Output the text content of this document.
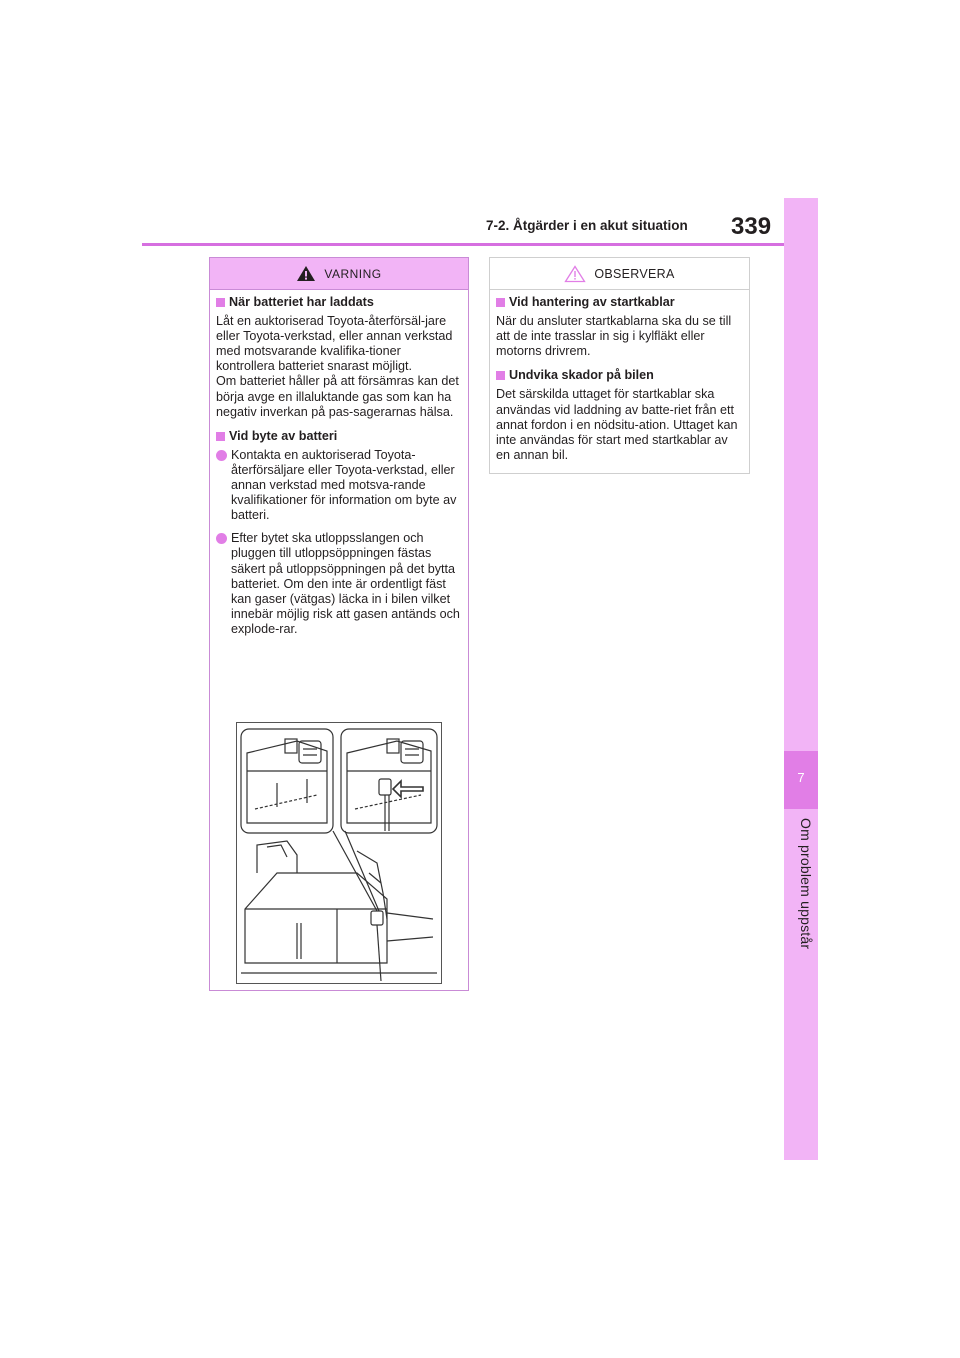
7
Om problem uppstår
7-2. Åtgärder i en akut situation 339
VARNING
När batteriet har laddats
Låt en auktoriserad Toyota-återförsäl-jare eller Toyota-verkstad, eller annan verkstad med motsvarande kvalifika-tioner kontrollera batteriet snarast möjligt.
Om batteriet håller på att försämras kan det börja avge en illaluktande gas som kan ha negativ inverkan på pas-sagerarnas hälsa.
Vid byte av batteri
Kontakta en auktoriserad Toyota-återförsäljare eller Toyota-verkstad, eller annan verkstad med motsva-rande kvalifikationer för information om byte av batteri.
Efter bytet ska utloppsslangen och pluggen till utloppsöppningen fästas säkert på utloppsöppningen på det bytta batteriet. Om den inte är ordentligt fäst kan gaser (vätgas) läcka in i bilen vilket innebär möjlig risk att gasen antänds och explode-rar.
OBSERVERA
Vid hantering av startkablar
När du ansluter startkablarna ska du se till att de inte trasslar in sig i kylfläkt eller motorns drivrem.
Undvika skador på bilen
Det särskilda uttaget för startkablar ska användas vid laddning av batte-riet från ett annat fordon i en nödsitu-ation. Uttaget kan inte användas för start med startkablar av en annan bil.
